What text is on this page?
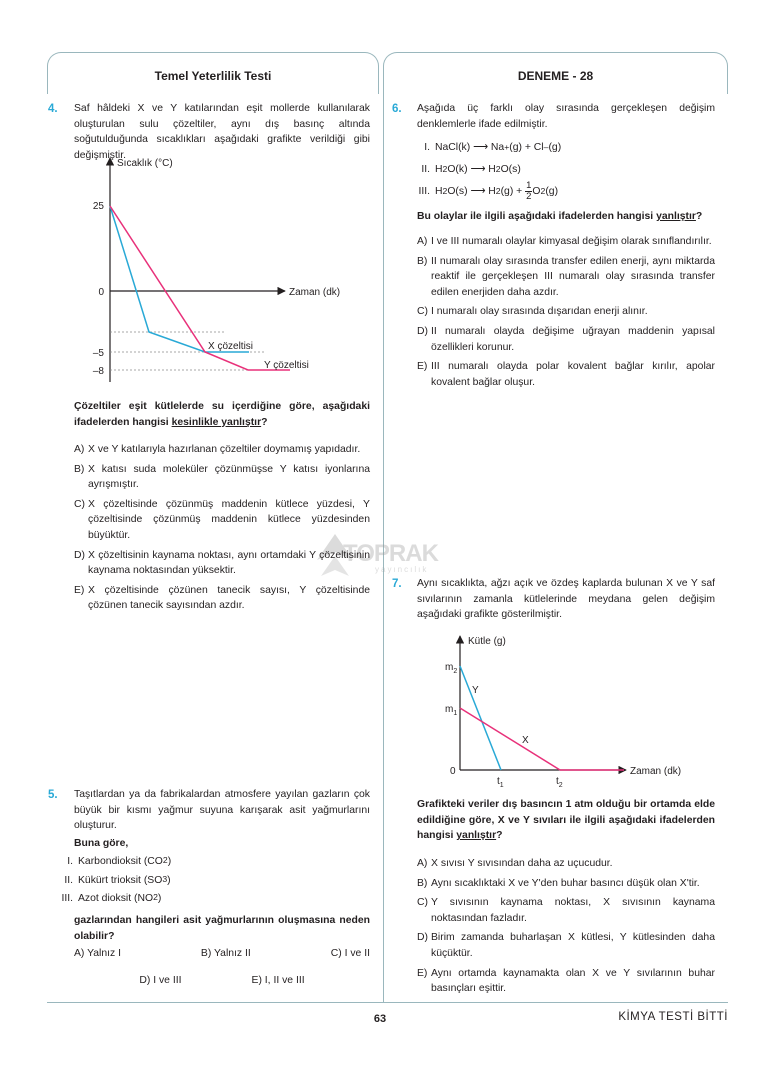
Temel Yeterlilik Testi	DENEME - 28
TOPRAK
yayıncılık
4. Saf hâldeki X ve Y katılarından eşit mollerde kullanılarak oluşturulan sulu çözeltiler, aynı dış basınç altında soğutulduğunda sıcaklıkları aşağıdaki grafikte verildiği gibi değişmiştir.
Sıcaklık (°C)
Zaman (dk)
25
0
–5
–8
X çözeltisi
Y çözeltisi
Çözeltiler eşit kütlelerde su içerdiğine göre, aşağıdaki ifadelerden hangisi kesinlikle yanlıştır?
A) X ve Y katılarıyla hazırlanan çözeltiler doymamış yapıdadır.
B) X katısı suda moleküler çözünmüşse Y katısı iyonlarına ayrışmıştır.
C) X çözeltisinde çözünmüş maddenin kütlece yüzdesi, Y çözeltisinde çözünmüş maddenin kütlece yüzdesinden büyüktür.
D) X çözeltisinin kaynama noktası, aynı ortamdaki Y çözeltisinin kaynama noktasından yüksektir.
E) X çözeltisinde çözünen tanecik sayısı, Y çözeltisinde çözünen tanecik sayısından azdır.
5. Taşıtlardan ya da fabrikalardan atmosfere yayılan gazların çok büyük bir kısmı yağmur suyuna karışarak asit yağmurlarını oluşturur.
Buna göre,
I. Karbondioksit (CO 2 )
II. Kükürt trioksit (SO 3 )
III. Azot dioksit (NO 2 )
gazlarından hangileri asit yağmurlarının oluşmasına neden olabilir?
A) Yalnız I	B) Yalnız II	C) I ve II
D) I ve III	E) I, II ve III
6. Aşağıda üç farklı olay sırasında gerçekleşen değişim denklemlerle ifade edilmiştir.
I. NaCl(k)
⟶
Na + (g) + Cl – (g)
II. H 2 O(k)
⟶
H 2 O(s)
III. H 2 O(s)
⟶
H 2 (g) +
$\frac{1}{2}$ O 2 (g)
Bu olaylar ile ilgili aşağıdaki ifadelerden hangisi yanlıştır?
A) I ve III numaralı olaylar kimyasal değişim olarak sınıflandırılır.
B) II numaralı olay sırasında transfer edilen enerji, aynı miktarda reaktif ile gerçekleşen III numaralı olay sırasında transfer edilen enerjiden daha azdır.
C) I numaralı olay sırasında dışarıdan enerji alınır.
D) II numaralı olayda değişime uğrayan maddenin yapısal özellikleri korunur.
E) III numaralı olayda polar kovalent bağlar kırılır, apolar kovalent bağlar oluşur.
7. Aynı sıcaklıkta, ağzı açık ve özdeş kaplarda bulunan X ve Y saf sıvılarının zamanla kütlelerinde meydana gelen değişim aşağıdaki grafikte gösterilmiştir.
Kütle (g)
Zaman (dk)
$m_2$
$m_1$
0
$t_1$	$t_2$
Y
X
Grafikteki veriler dış basıncın 1 atm olduğu bir ortamda elde edildiğine göre, X ve Y sıvıları ile ilgili aşağıdaki ifadelerden hangisi yanlıştır?
A) X sıvısı Y sıvısından daha az uçucudur.
B) Aynı sıcaklıktaki X ve Y'den buhar basıncı düşük olan X'tir.
C) Y sıvısının kaynama noktası, X sıvısının kaynama noktasından fazladır.
D) Birim zamanda buharlaşan X kütlesi, Y kütlesinden daha küçüktür.
E) Aynı ortamda kaynamakta olan X ve Y sıvılarının buhar basınçları eşittir.
63	KİMYA TESTİ BİTTİ
